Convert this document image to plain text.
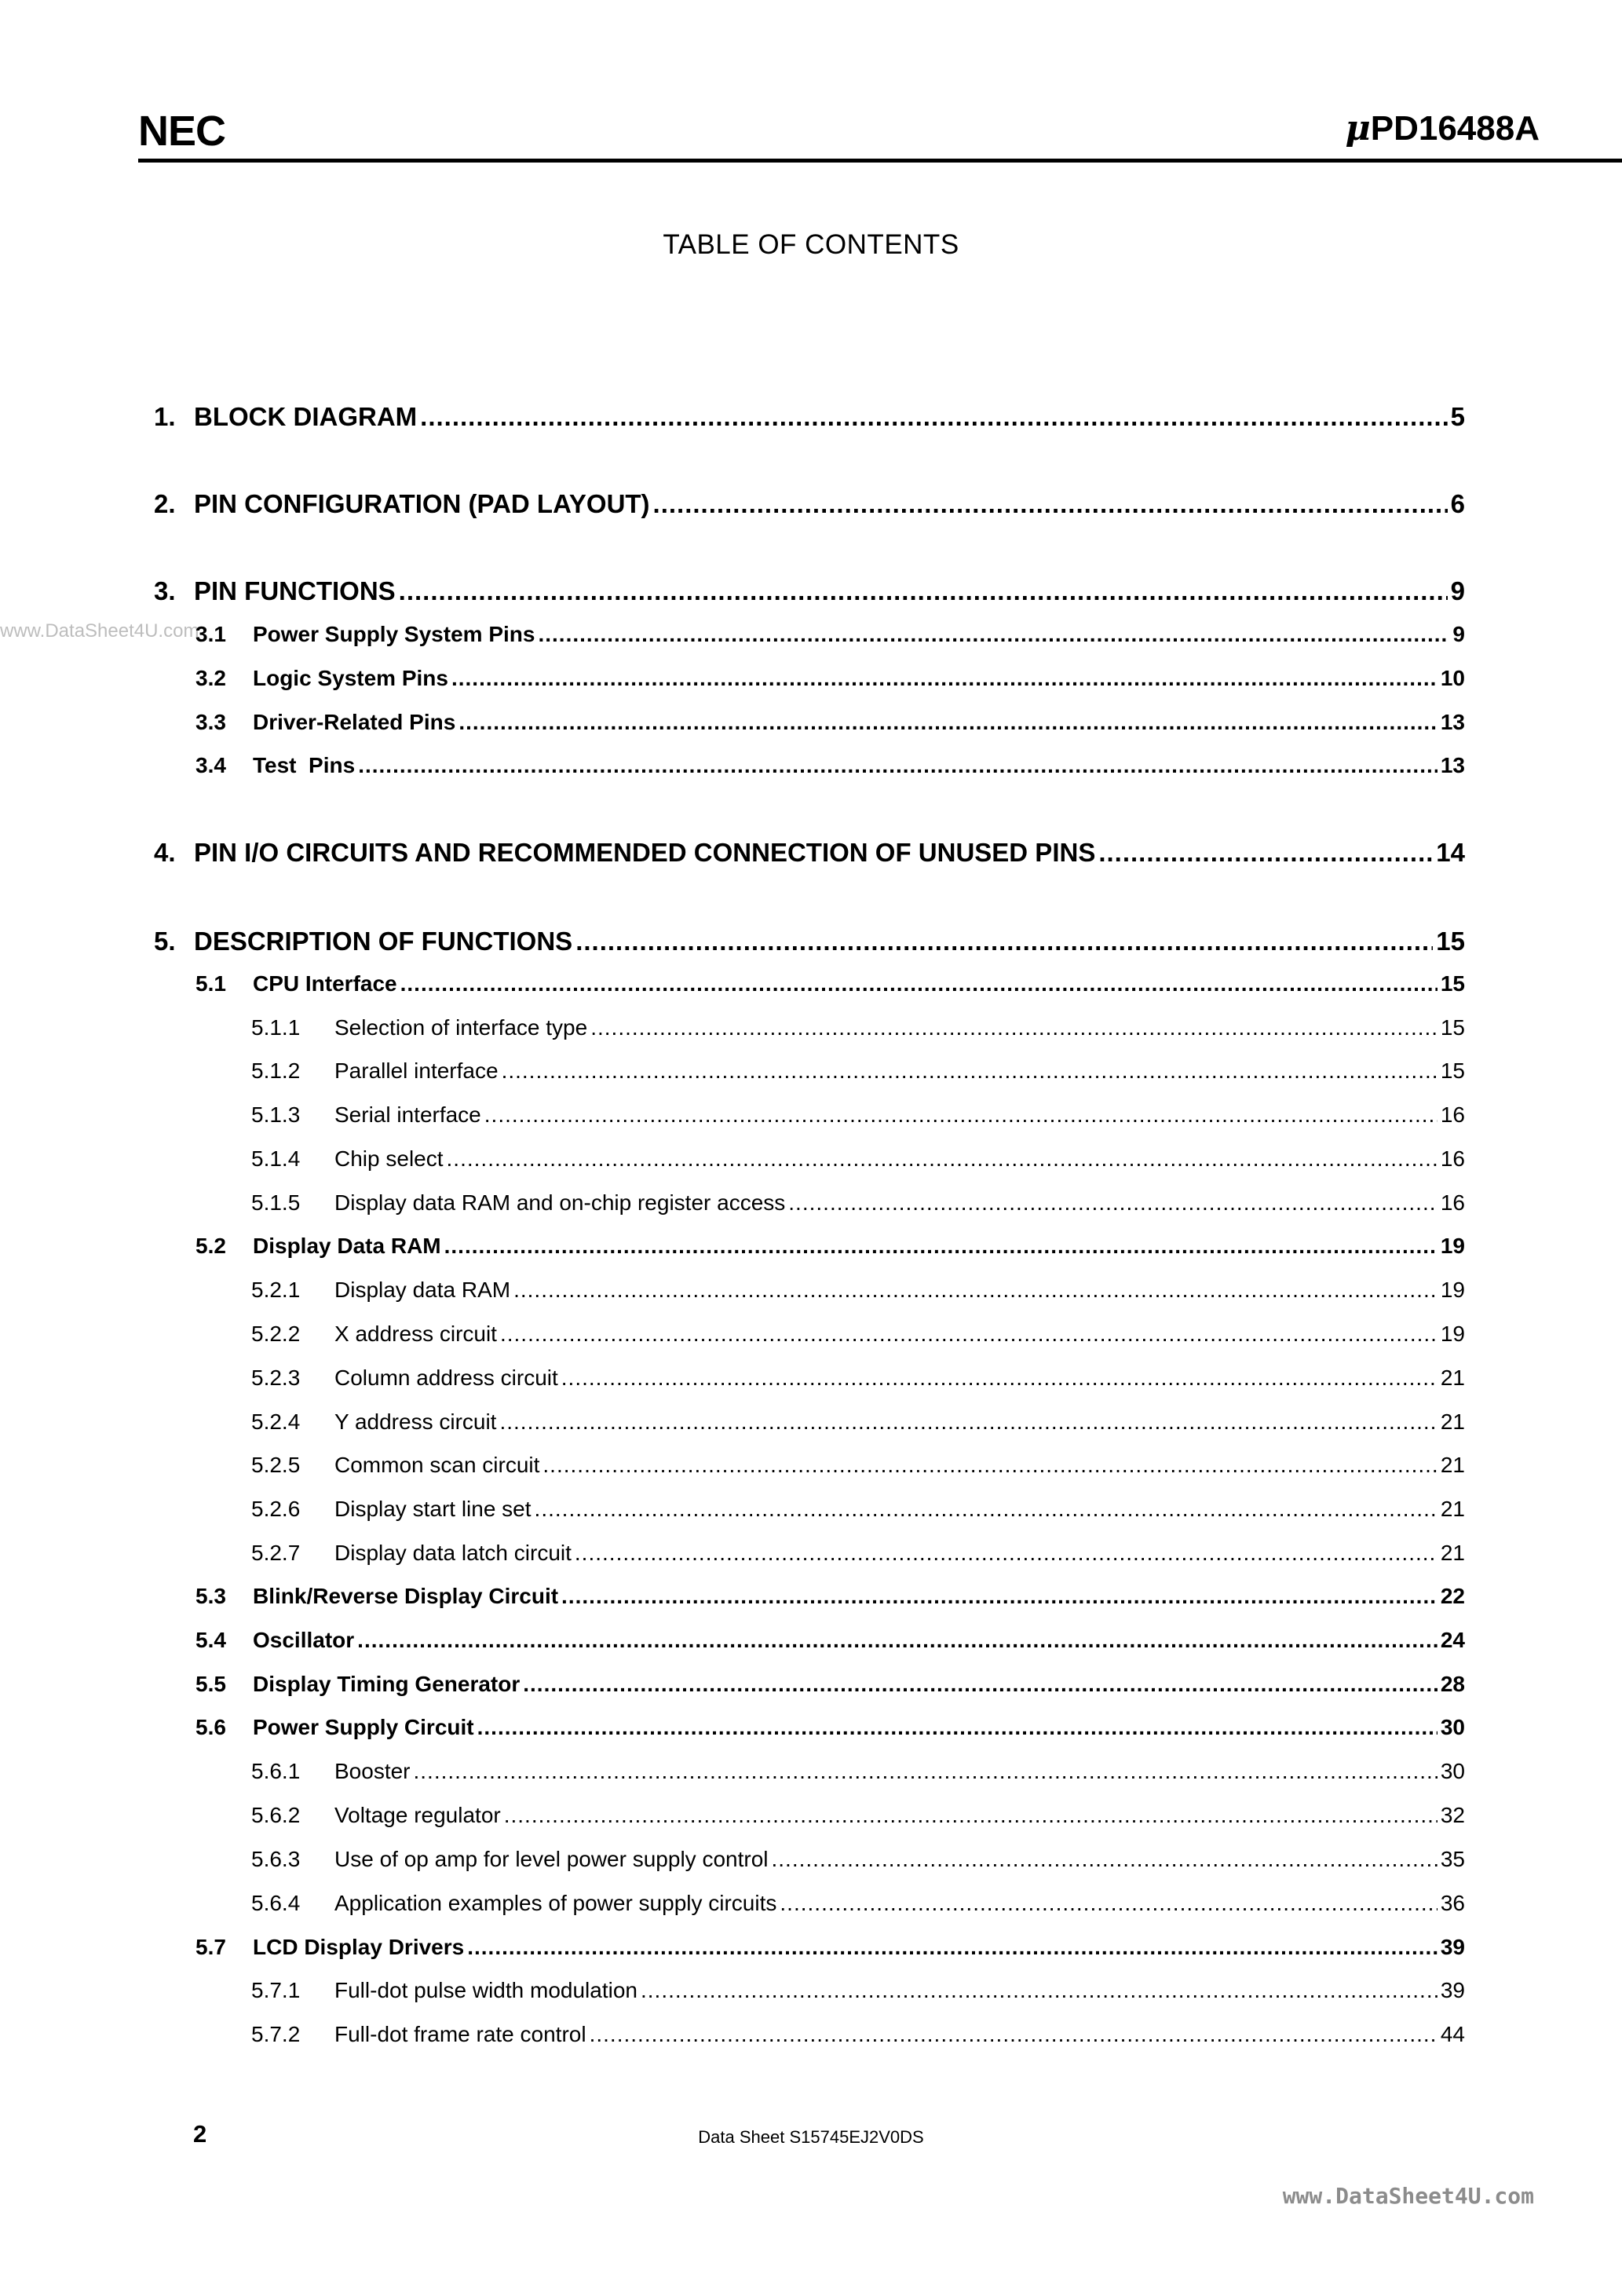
NEC	μPD16488A
TABLE OF CONTENTS
www.DataSheet4U.com
1. BLOCK DIAGRAM .....	5
2. PIN CONFIGURATION (PAD LAYOUT) .....	6
3. PIN FUNCTIONS .....	9
3.1	Power Supply System Pins .....	9
3.2	Logic System Pins .....	10
3.3	Driver-Related Pins .....	13
3.4	Test  Pins .....	13
4. PIN I/O CIRCUITS AND RECOMMENDED CONNECTION OF UNUSED PINS .....	14
5. DESCRIPTION OF FUNCTIONS .....	15
5.1	CPU Interface .....	15
5.1.1	Selection of interface type .....	15
5.1.2	Parallel interface .....	15
5.1.3	Serial interface .....	16
5.1.4	Chip select .....	16
5.1.5	Display data RAM and on-chip register access .....	16
5.2	Display Data RAM .....	19
5.2.1	Display data RAM .....	19
5.2.2	X address circuit .....	19
5.2.3	Column address circuit .....	21
5.2.4	Y address circuit .....	21
5.2.5	Common scan circuit .....	21
5.2.6	Display start line set .....	21
5.2.7	Display data latch circuit .....	21
5.3	Blink/Reverse Display Circuit .....	22
5.4	Oscillator .....	24
5.5	Display Timing Generator .....	28
5.6	Power Supply Circuit .....	30
5.6.1	Booster .....	30
5.6.2	Voltage regulator .....	32
5.6.3	Use of op amp for level power supply control .....	35
5.6.4	Application examples of power supply circuits .....	36
5.7	LCD Display Drivers .....	39
5.7.1	Full-dot pulse width modulation .....	39
5.7.2	Full-dot frame rate control .....	44
2	Data Sheet S15745EJ2V0DS
www.DataSheet4U.com
